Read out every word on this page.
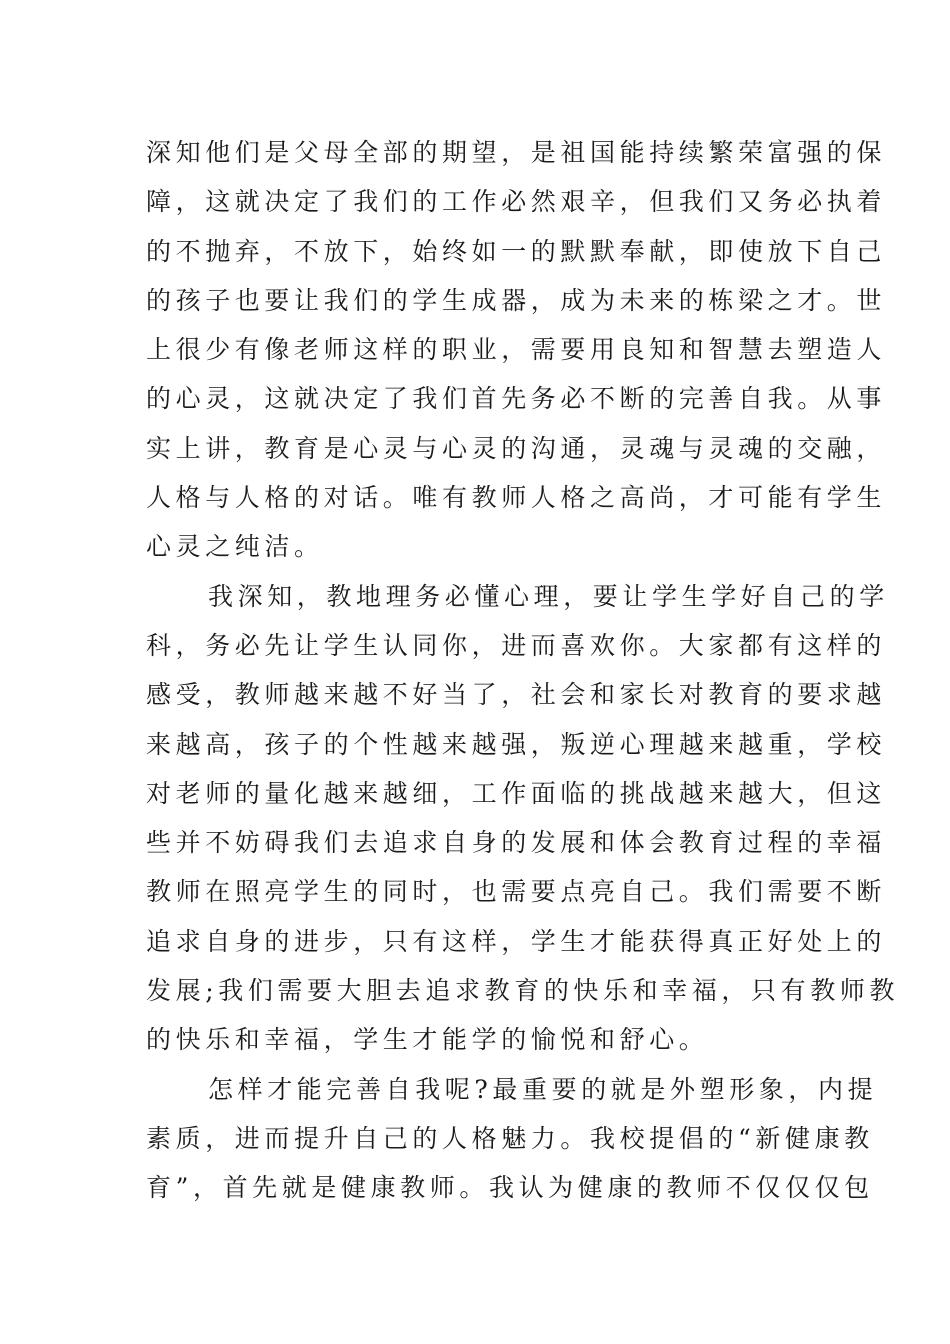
深知他们是父母全部的期望，是祖国能持续繁荣富强的保
障，这就决定了我们的工作必然艰辛，但我们又务必执着
的不抛弃，不放下，始终如一的默默奉献，即使放下自己
的孩子也要让我们的学生成器，成为未来的栋梁之才。世
上很少有像老师这样的职业，需要用良知和智慧去塑造人
的心灵，这就决定了我们首先务必不断的完善自我。从事
实上讲，教育是心灵与心灵的沟通，灵魂与灵魂的交融，
人格与人格的对话。唯有教师人格之高尚，才可能有学生
心灵之纯洁。
我深知，教地理务必懂心理，要让学生学好自己的学
科，务必先让学生认同你，进而喜欢你。大家都有这样的
感受，教师越来越不好当了，社会和家长对教育的要求越
来越高，孩子的个性越来越强，叛逆心理越来越重，学校
对老师的量化越来越细，工作面临的挑战越来越大，但这
些并不妨碍我们去追求自身的发展和体会教育过程的幸福
教师在照亮学生的同时，也需要点亮自己。我们需要不断
追求自身的进步，只有这样，学生才能获得真正好处上的
发展;我们需要大胆去追求教育的快乐和幸福，只有教师教
的快乐和幸福，学生才能学的愉悦和舒心。
怎样才能完善自我呢?最重要的就是外塑形象，内提
素质，进而提升自己的人格魅力。我校提倡的“新健康教
育”，首先就是健康教师。我认为健康的教师不仅仅仅包
